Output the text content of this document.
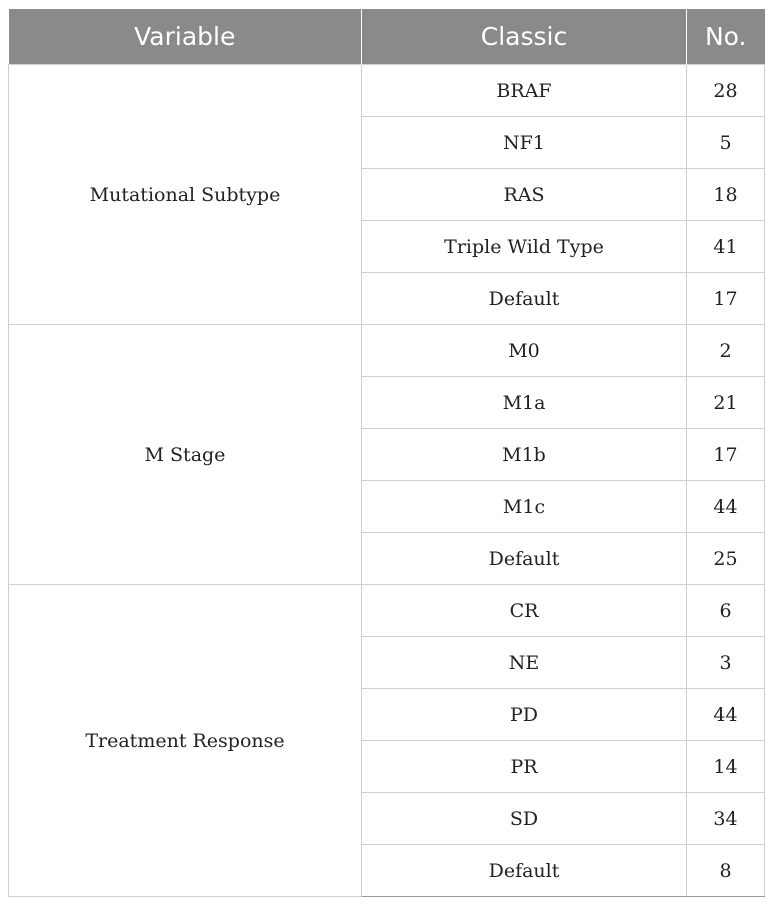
Variable	Classic	No.
Mutational Subtype	BRAF	28
	NF1	5
	RAS	18
	Triple Wild Type	41
	Default	17
M Stage	M0	2
	M1a	21
	M1b	17
	M1c	44
	Default	25
Treatment Response	CR	6
	NE	3
	PD	44
	PR	14
	SD	34
	Default	8
